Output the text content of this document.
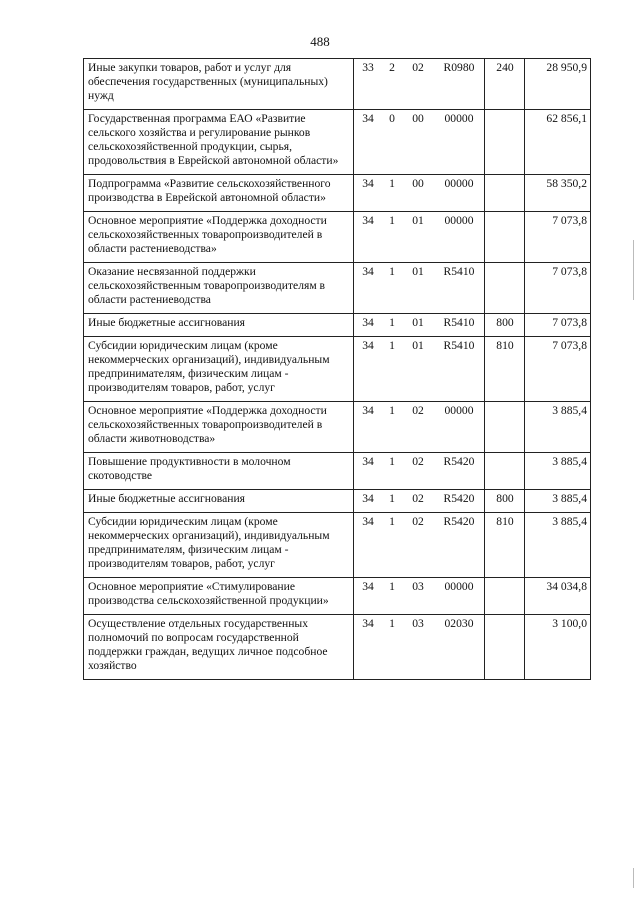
488
Иные закупки товаров, работ и услуг для обеспечения государственных (муниципальных) нужд	33	2	02	R0980	240	28 950,9
Государственная программа ЕАО «Развитие сельского хозяйства и регулирование рынков сельскохозяйственной продукции, сырья, продовольствия в Еврейской автономной области»	34	0	00	00000		62 856,1
Подпрограмма «Развитие сельскохозяйственного производства в Еврейской автономной области»	34	1	00	00000		58 350,2
Основное мероприятие «Поддержка доходности сельскохозяйственных товаропроизводителей в области растениеводства»	34	1	01	00000		7 073,8
Оказание несвязанной поддержки сельскохозяйственным товаропроизводителям в области растениеводства	34	1	01	R5410		7 073,8
Иные бюджетные ассигнования	34	1	01	R5410	800	7 073,8
Субсидии юридическим лицам (кроме некоммерческих организаций), индивидуальным предпринимателям, физическим лицам - производителям товаров, работ, услуг	34	1	01	R5410	810	7 073,8
Основное мероприятие «Поддержка доходности сельскохозяйственных товаропроизводителей в области животноводства»	34	1	02	00000		3 885,4
Повышение продуктивности в молочном скотоводстве	34	1	02	R5420		3 885,4
Иные бюджетные ассигнования	34	1	02	R5420	800	3 885,4
Субсидии юридическим лицам (кроме некоммерческих организаций), индивидуальным предпринимателям, физическим лицам - производителям товаров, работ, услуг	34	1	02	R5420	810	3 885,4
Основное мероприятие «Стимулирование производства сельскохозяйственной продукции»	34	1	03	00000		34 034,8
Осуществление отдельных государственных полномочий по вопросам государственной поддержки граждан, ведущих личное подсобное хозяйство	34	1	03	02030		3 100,0
